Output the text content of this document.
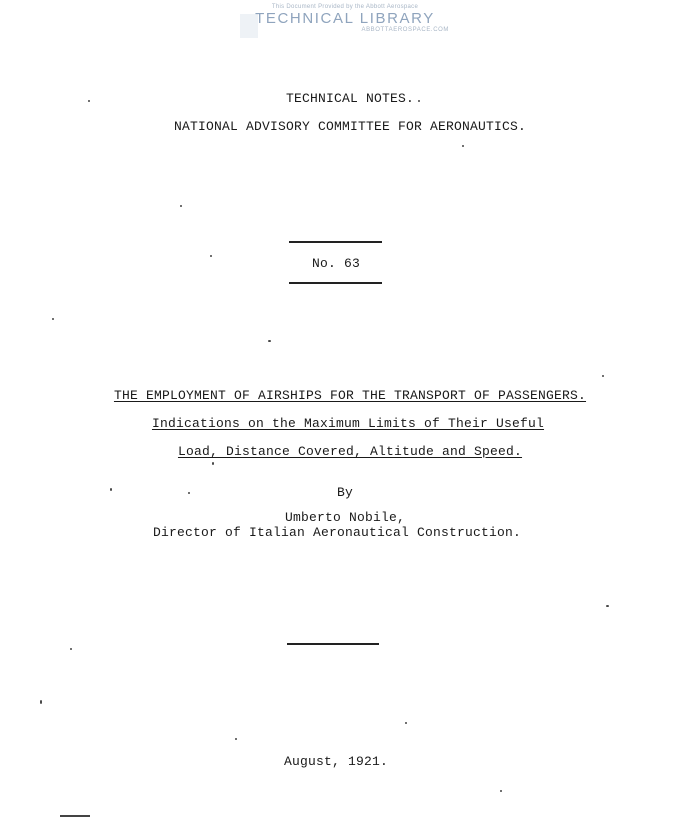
This Document Provided by the Abbott Aerospace
TECHNICAL LIBRARY
ABBOTTAEROSPACE.COM
TECHNICAL NOTES.
NATIONAL ADVISORY COMMITTEE FOR AERONAUTICS.
No. 63
THE EMPLOYMENT OF AIRSHIPS FOR THE TRANSPORT OF PASSENGERS.
Indications on the Maximum Limits of Their Useful
Load, Distance Covered, Altitude and Speed.
By
Umberto Nobile,
Director of Italian Aeronautical Construction.
August, 1921.
